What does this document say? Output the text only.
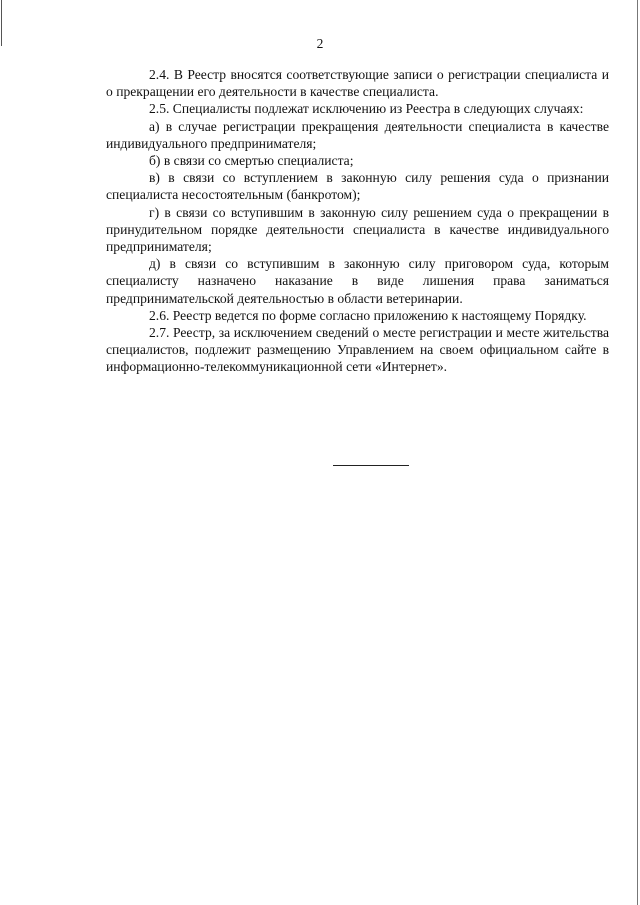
2

2.4. В Реестр вносятся соответствующие записи о регистрации специалиста и о прекращении его деятельности в качестве специалиста.

2.5. Специалисты подлежат исключению из Реестра в следующих случаях:

а) в случае регистрации прекращения деятельности специалиста в качестве индивидуального предпринимателя;

б) в связи со смертью специалиста;

в) в связи со вступлением в законную силу решения суда о признании специалиста несостоятельным (банкротом);

г) в связи со вступившим в законную силу решением суда о прекращении в принудительном порядке деятельности специалиста в качестве индивидуального предпринимателя;

д) в связи со вступившим в законную силу приговором суда, которым специалисту назначено наказание в виде лишения права заниматься предпринимательской деятельностью в области ветеринарии.

2.6. Реестр ведется по форме согласно приложению к настоящему Порядку.

2.7. Реестр, за исключением сведений о месте регистрации и месте жительства специалистов, подлежит размещению Управлением на своем официальном сайте в информационно-телекоммуникационной сети «Интернет».
